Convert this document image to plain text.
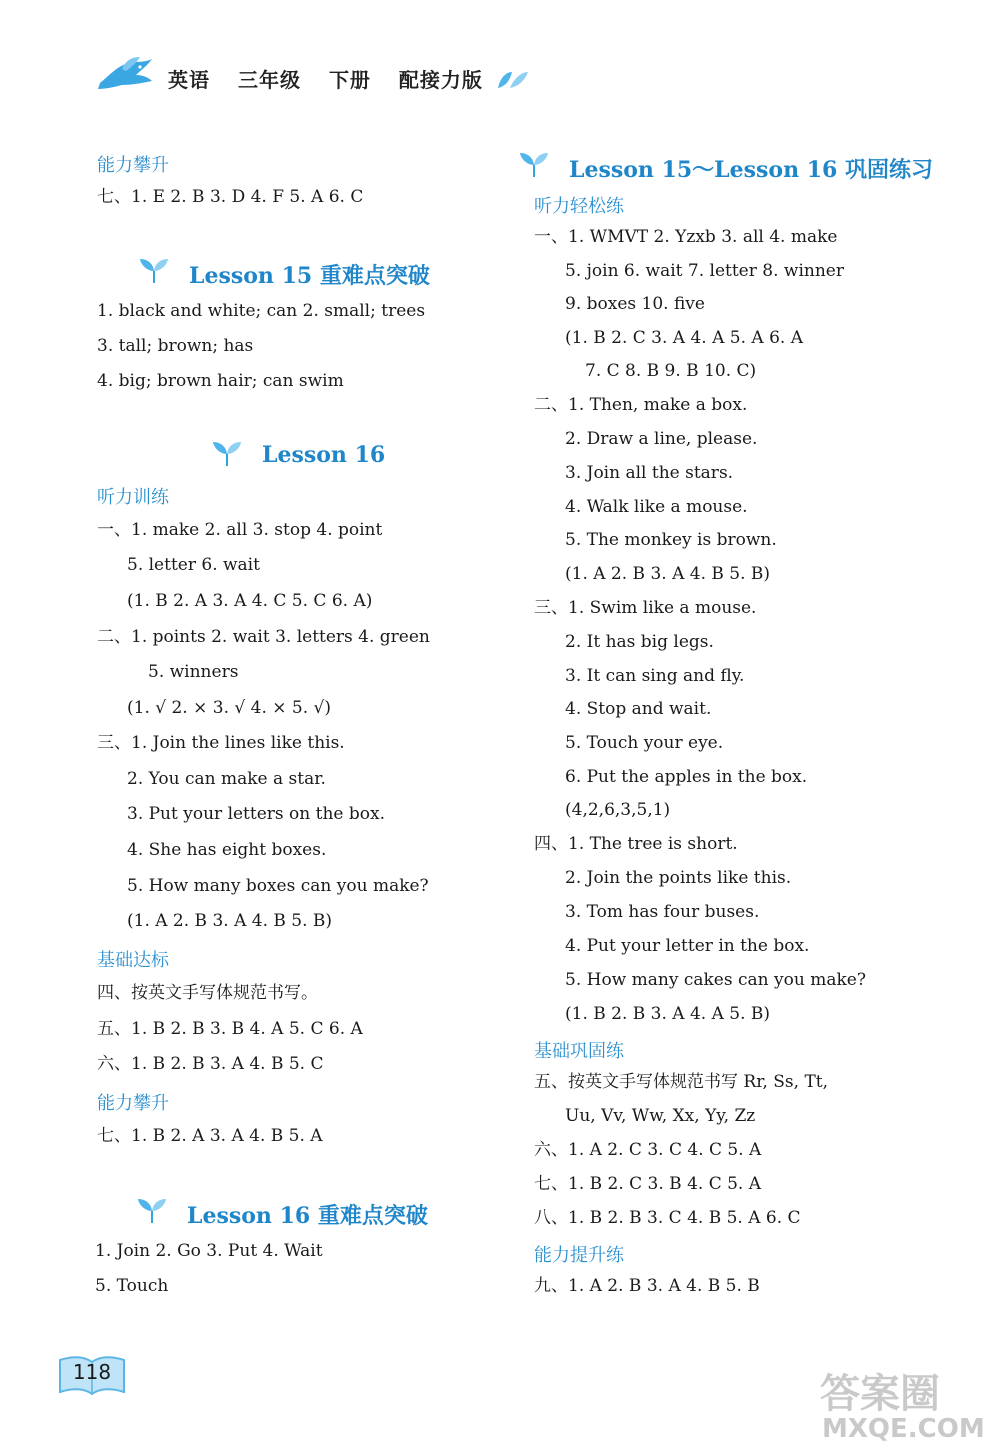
英语 三年级 下册 配接力版
能力攀升
七、1. E 2. B 3. D 4. F 5. A 6. C
Lesson 15 重难点突破
1. black and white; can 2. small; trees
3. tall; brown; has
4. big; brown hair; can swim
Lesson 16
听力训练
一、1. make 2. all 3. stop 4. point
5. letter 6. wait
(1. B 2. A 3. A 4. C 5. C 6. A)
二、1. points 2. wait 3. letters 4. green
5. winners
(1. √ 2. × 3. √ 4. × 5. √)
三、1. Join the lines like this.
2. You can make a star.
3. Put your letters on the box.
4. She has eight boxes.
5. How many boxes can you make?
(1. A 2. B 3. A 4. B 5. B)
基础达标
四、按英文手写体规范书写。
五、1. B 2. B 3. B 4. A 5. C 6. A
六、1. B 2. B 3. A 4. B 5. C
能力攀升
七、1. B 2. A 3. A 4. B 5. A
Lesson 16 重难点突破
1. Join 2. Go 3. Put 4. Wait
5. Touch
Lesson 15～Lesson 16 巩固练习
听力轻松练
一、1. WMVT 2. Yzxb 3. all 4. make
5. join 6. wait 7. letter 8. winner
9. boxes 10. five
(1. B 2. C 3. A 4. A 5. A 6. A
7. C 8. B 9. B 10. C)
二、1. Then, make a box.
2. Draw a line, please.
3. Join all the stars.
4. Walk like a mouse.
5. The monkey is brown.
(1. A 2. B 3. A 4. B 5. B)
三、1. Swim like a mouse.
2. It has big legs.
3. It can sing and fly.
4. Stop and wait.
5. Touch your eye.
6. Put the apples in the box.
(4,2,6,3,5,1)
四、1. The tree is short.
2. Join the points like this.
3. Tom has four buses.
4. Put your letter in the box.
5. How many cakes can you make?
(1. B 2. B 3. A 4. A 5. B)
基础巩固练
五、按英文手写体规范书写 Rr, Ss, Tt,
Uu, Vv, Ww, Xx, Yy, Zz
六、1. A 2. C 3. C 4. C 5. A
七、1. B 2. C 3. B 4. C 5. A
八、1. B 2. B 3. C 4. B 5. A 6. C
能力提升练
九、1. A 2. B 3. A 4. B 5. B
118	答案圈
MXQE.COM
